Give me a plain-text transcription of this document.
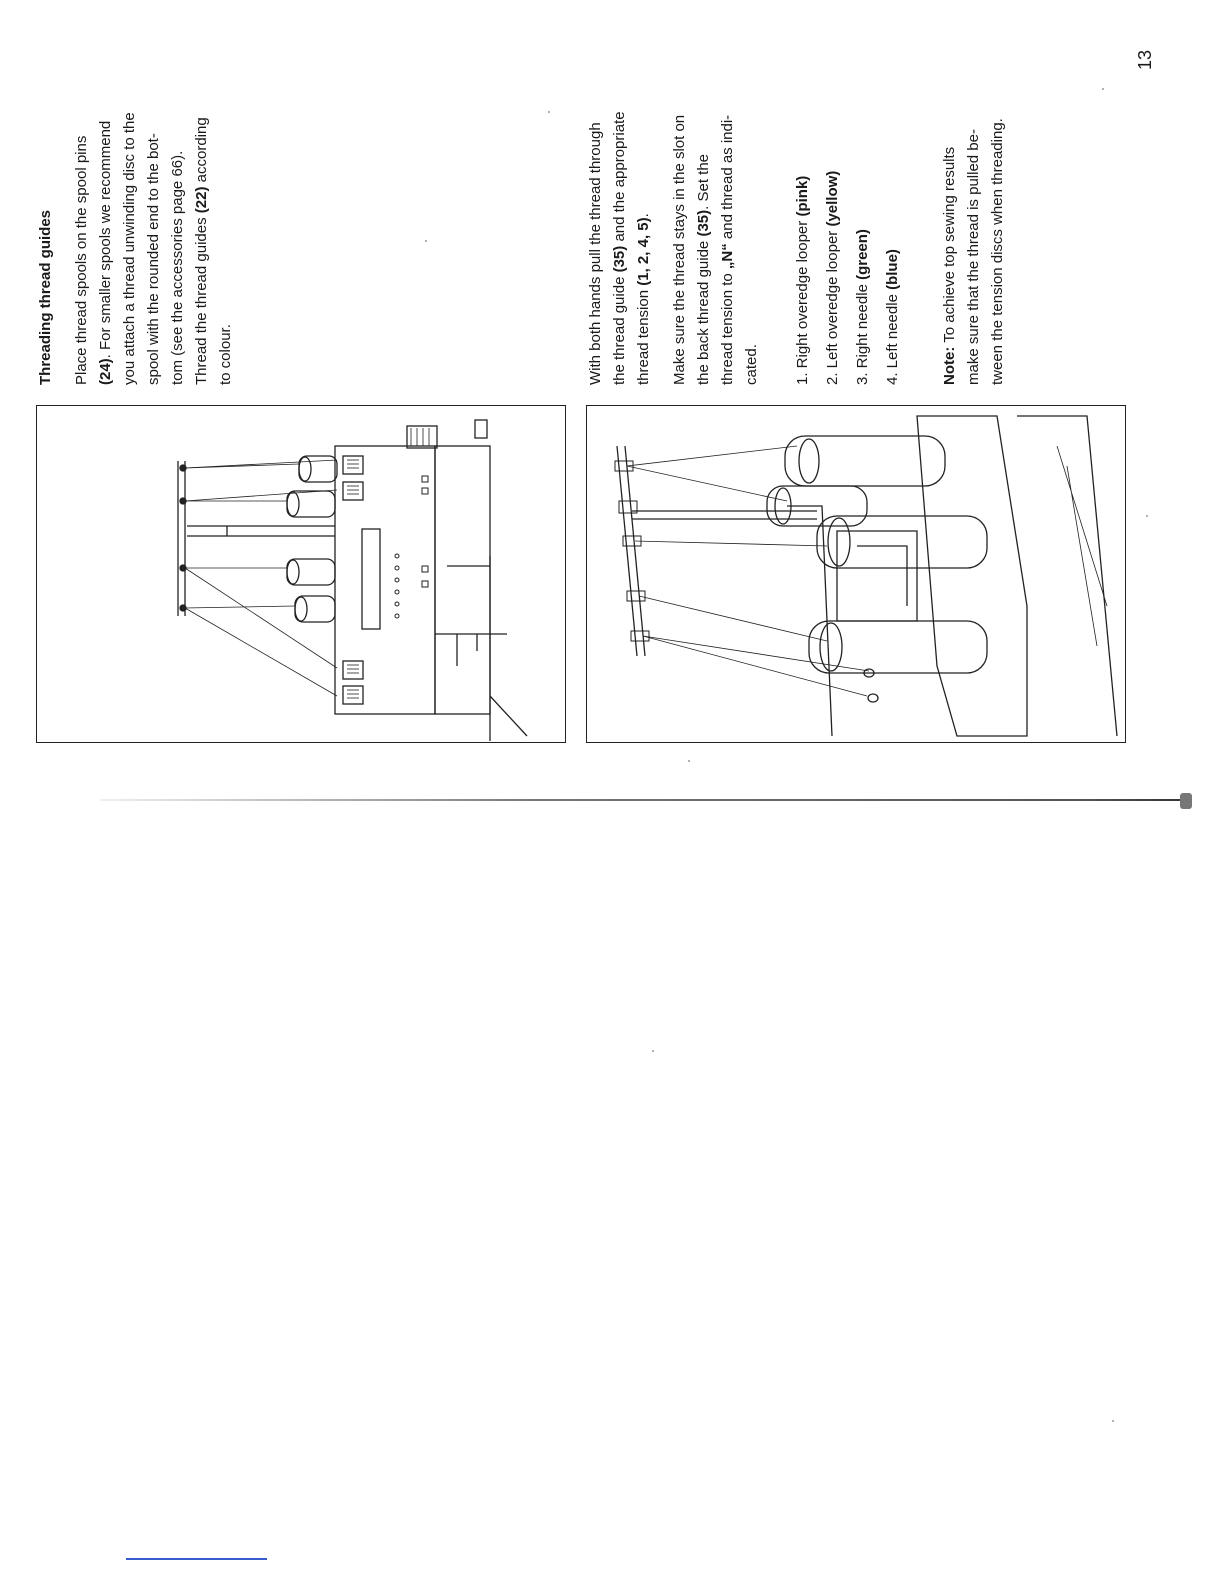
Threading thread guides Place thread spools on the spool pins (24). For smaller spools we recommend you attach a thread unwinding disc to the spool with the rounded end to the bot- tom (see the accessories page 66). Thread the thread guides (22) according

to colour.	With both hands pull the thread through the thread guide (35) and the appropriate

thread tension (1, 2, 4, 5). Make sure the thread stays in the slot on the back thread guide (35). Set the

thread tension to „N“ and thread as indi-

cated.	1. Right overedge looper (pink)
2. Left overedge looper (yellow)
3. Right needle (green)
4. Left needle (blue)

Note: To achieve top sewing results make sure that the thread is pulled be- tween the tension discs when threading.

13
